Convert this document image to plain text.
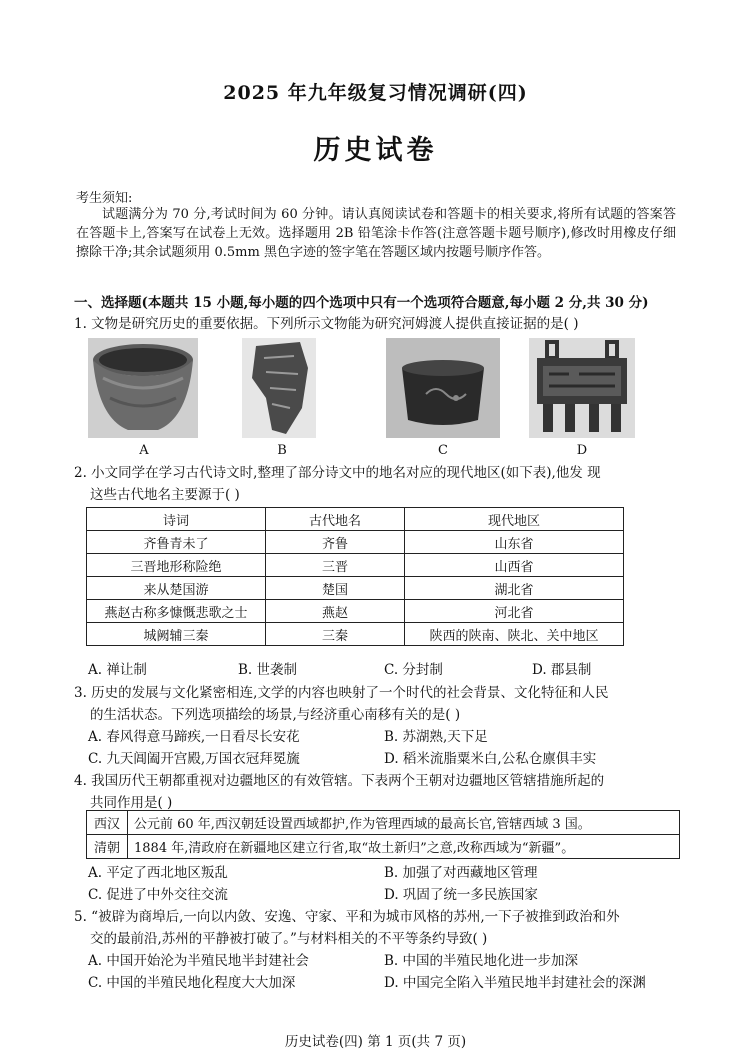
2025 年九年级复习情况调研(四)
历史试卷
考生须知:
试题满分为 70 分,考试时间为 60 分钟。请认真阅读试卷和答题卡的相关要求,将所有试题的答案答在答题卡上,答案写在试卷上无效。选择题用 2B 铅笔涂卡作答(注意答题卡题号顺序),修改时用橡皮仔细擦除干净;其余试题须用 0.5mm 黑色字迹的签字笔在答题区域内按题号顺序作答。
一、选择题(本题共 15 小题,每小题的四个选项中只有一个选项符合题意,每小题 2 分,共 30 分)
1. 文物是研究历史的重要依据。下列所示文物能为研究河姆渡人提供直接证据的是( )
A	B	C	D
2. 小文同学在学习古代诗文时,整理了部分诗文中的地名对应的现代地区(如下表),他发 现
这些古代地名主要源于( )
诗词	古代地名	现代地区
齐鲁青未了	齐鲁	山东省
三晋地形称险绝	三晋	山西省
来从楚国游	楚国	湖北省
燕赵古称多慷慨悲歌之士	燕赵	河北省
城阙辅三秦	三秦	陕西的陕南、陕北、关中地区
A. 禅让制	B. 世袭制	C. 分封制	D. 郡县制
3. 历史的发展与文化紧密相连,文学的内容也映射了一个时代的社会背景、文化特征和人民
的生活状态。下列选项描绘的场景,与经济重心南移有关的是( )
A. 春风得意马蹄疾,一日看尽长安花	B. 苏湖熟,天下足
C. 九天阊阖开宫殿,万国衣冠拜冕旒	D. 稻米流脂粟米白,公私仓廪俱丰实
4. 我国历代王朝都重视对边疆地区的有效管辖。下表两个王朝对边疆地区管辖措施所起的
共同作用是( )
西汉	公元前 60 年,西汉朝廷设置西域都护,作为管理西域的最高长官,管辖西域 3 国。
清朝	1884 年,清政府在新疆地区建立行省,取“故土新归”之意,改称西域为“新疆”。
A. 平定了西北地区叛乱	B. 加强了对西藏地区管理
C. 促进了中外交往交流	D. 巩固了统一多民族国家
5. “被辟为商埠后,一向以内敛、安逸、守家、平和为城市风格的苏州,一下子被推到政治和外
交的最前沿,苏州的平静被打破了。”与材料相关的不平等条约导致( )
A. 中国开始沦为半殖民地半封建社会	B. 中国的半殖民地化进一步加深
C. 中国的半殖民地化程度大大加深	D. 中国完全陷入半殖民地半封建社会的深渊
历史试卷(四) 第 1 页(共 7 页)
